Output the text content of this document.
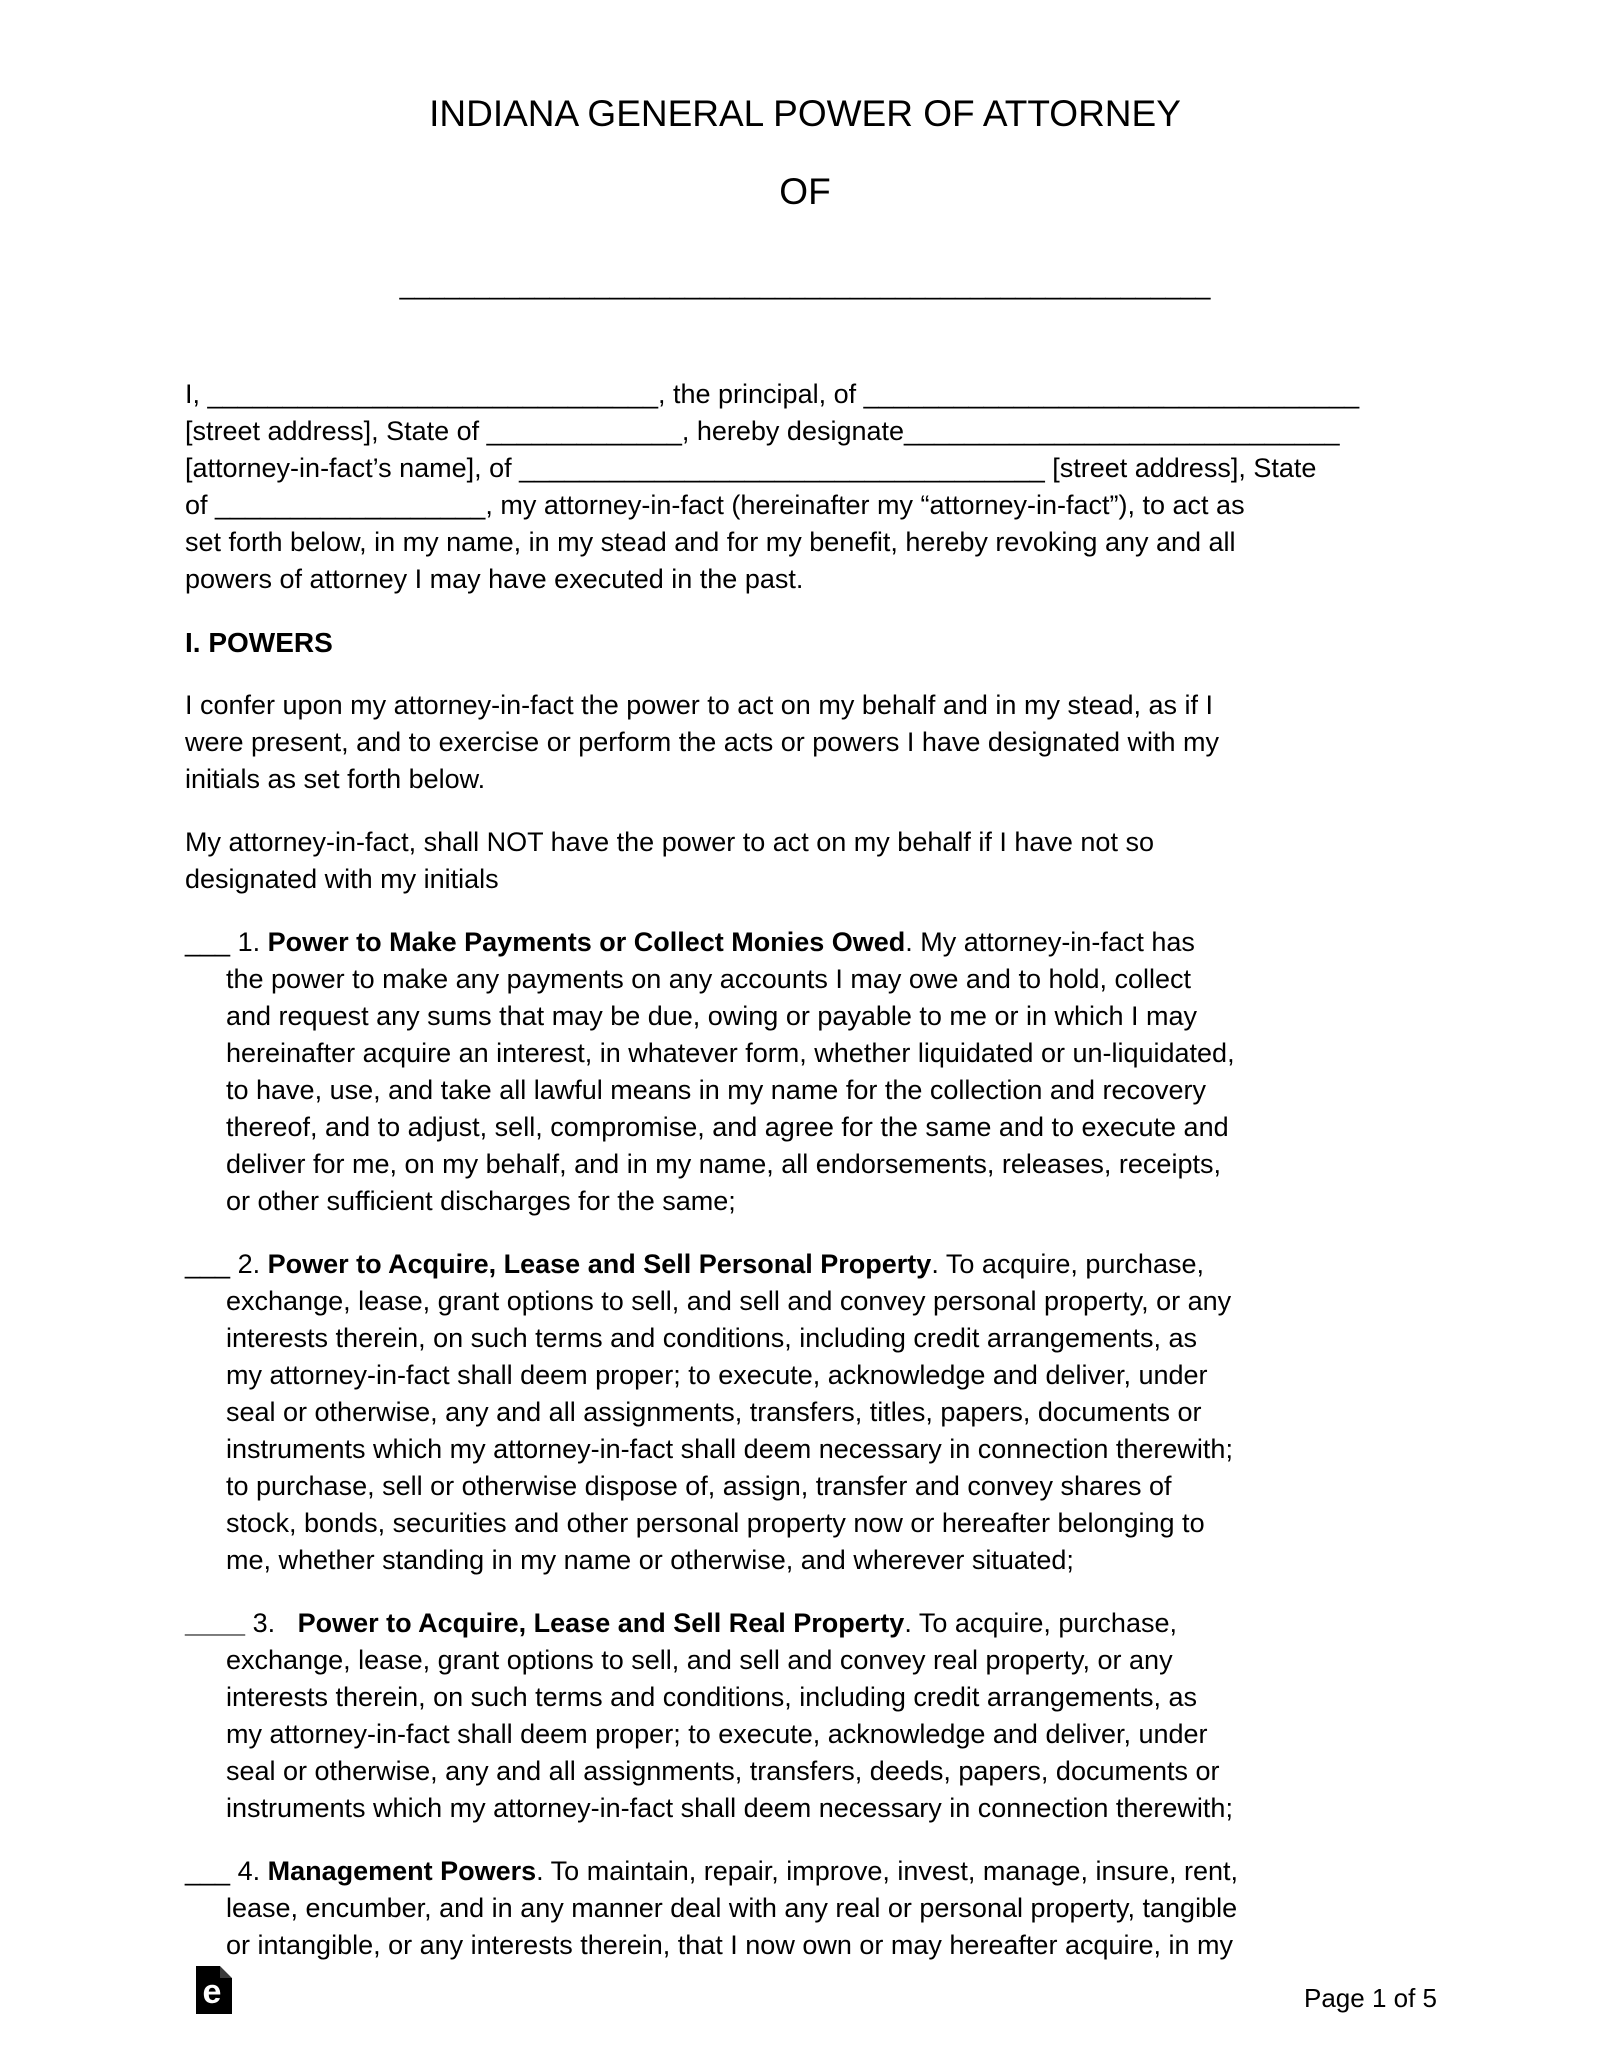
INDIANA GENERAL POWER OF ATTORNEY
OF
______________________________________________________
I, ______________________________, the principal, of _________________________________
[street address], State of _____________, hereby designate_____________________________
[attorney-in-fact’s name], of ___________________________________ [street address], State
of __________________, my attorney-in-fact (hereinafter my “attorney-in-fact”), to act as
set forth below, in my name, in my stead and for my benefit, hereby revoking any and all
powers of attorney I may have executed in the past.
I. POWERS
I confer upon my attorney-in-fact the power to act on my behalf and in my stead, as if I
were present, and to exercise or perform the acts or powers I have designated with my
initials as set forth below.
My attorney-in-fact, shall NOT have the power to act on my behalf if I have not so
designated with my initials
___ 1. Power to Make Payments or Collect Monies Owed. My attorney-in-fact has
the power to make any payments on any accounts I may owe and to hold, collect
and request any sums that may be due, owing or payable to me or in which I may
hereinafter acquire an interest, in whatever form, whether liquidated or un-liquidated,
to have, use, and take all lawful means in my name for the collection and recovery
thereof, and to adjust, sell, compromise, and agree for the same and to execute and
deliver for me, on my behalf, and in my name, all endorsements, releases, receipts,
or other sufficient discharges for the same;
___ 2. Power to Acquire, Lease and Sell Personal Property. To acquire, purchase,
exchange, lease, grant options to sell, and sell and convey personal property, or any
interests therein, on such terms and conditions, including credit arrangements, as
my attorney-in-fact shall deem proper; to execute, acknowledge and deliver, under
seal or otherwise, any and all assignments, transfers, titles, papers, documents or
instruments which my attorney-in-fact shall deem necessary in connection therewith;
to purchase, sell or otherwise dispose of, assign, transfer and convey shares of
stock, bonds, securities and other personal property now or hereafter belonging to
me, whether standing in my name or otherwise, and wherever situated;
____ 3.   Power to Acquire, Lease and Sell Real Property. To acquire, purchase,
exchange, lease, grant options to sell, and sell and convey real property, or any
interests therein, on such terms and conditions, including credit arrangements, as
my attorney-in-fact shall deem proper; to execute, acknowledge and deliver, under
seal or otherwise, any and all assignments, transfers, deeds, papers, documents or
instruments which my attorney-in-fact shall deem necessary in connection therewith;
___ 4. Management Powers. To maintain, repair, improve, invest, manage, insure, rent,
lease, encumber, and in any manner deal with any real or personal property, tangible
or intangible, or any interests therein, that I now own or may hereafter acquire, in my
e	Page 1 of 5
